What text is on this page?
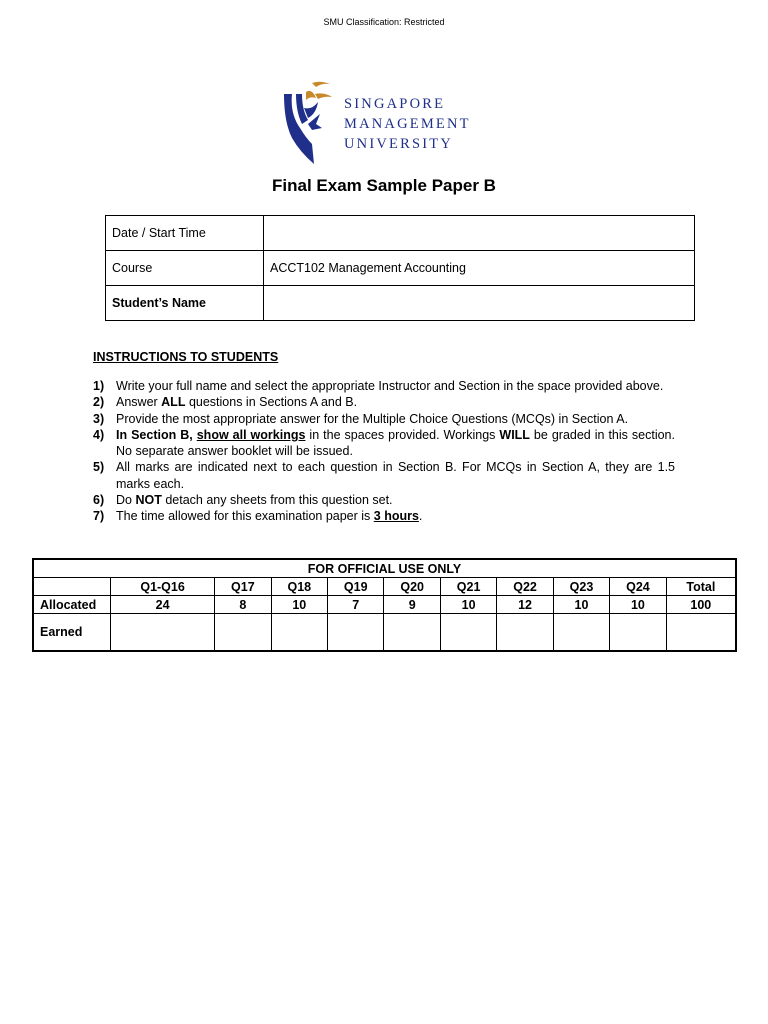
SMU Classification: Restricted
SINGAPORE
MANAGEMENT
UNIVERSITY
Final Exam Sample Paper B
Date / Start Time	
Course	ACCT102 Management Accounting
Student’s Name	
INSTRUCTIONS TO STUDENTS
1) Write your full name and select the appropriate Instructor and Section in the space provided above.
2) Answer ALL questions in Sections A and B.
3) Provide the most appropriate answer for the Multiple Choice Questions (MCQs) in Section A.
4) In Section B, show all workings in the spaces provided. Workings WILL be graded in this section. No separate answer booklet will be issued.
5) All marks are indicated next to each question in Section B. For MCQs in Section A, they are 1.5 marks each.
6) Do NOT detach any sheets from this question set.
7) The time allowed for this examination paper is 3 hours.
FOR OFFICIAL USE ONLY										
	Q1-Q16	Q17	Q18	Q19	Q20	Q21	Q22	Q23	Q24	Total
Allocated	24	8	10	7	9	10	12	10	10	100
Earned										
